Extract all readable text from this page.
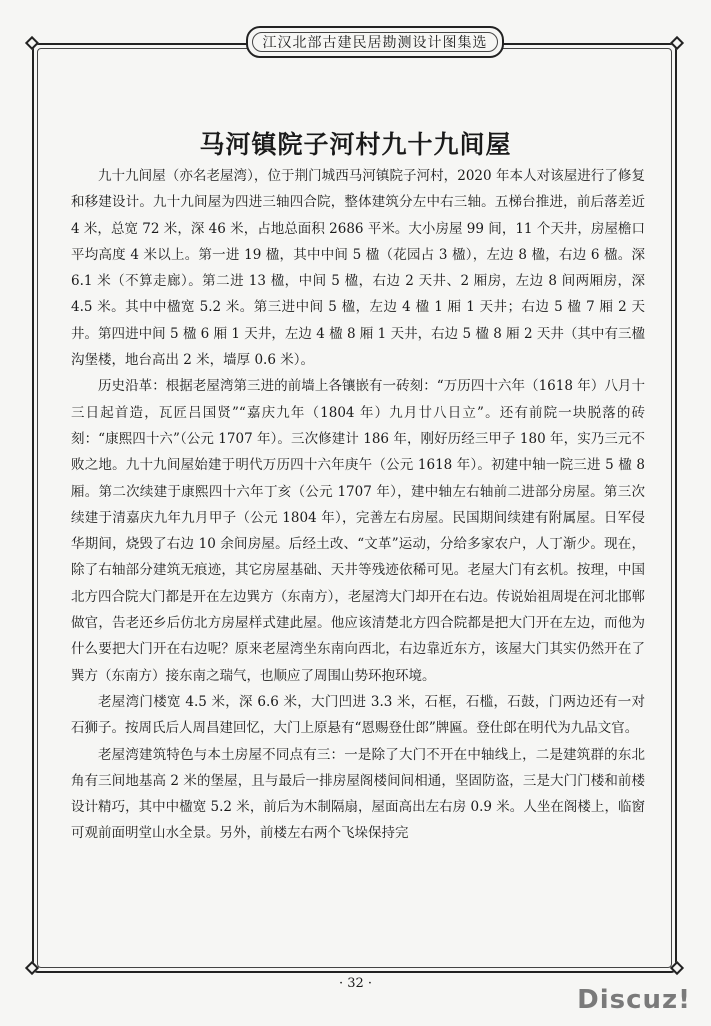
江汉北部古建民居勘测设计图集选
马河镇院子河村九十九间屋

九十九间屋（亦名老屋湾），位于荆门城西马河镇院子河村，2020 年本人对该屋进行了修复和移建设计。九十九间屋为四进三轴四合院，整体建筑分左中右三轴。五梯台推进，前后落差近 4 米，总宽 72 米，深 46 米，占地总面积 2686 平米。大小房屋 99 间，11 个天井，房屋檐口平均高度 4 米以上。第一进 19 楹，其中中间 5 楹（花园占 3 楹），左边 8 楹，右边 6 楹。深 6.1 米（不算走廊）。第二进 13 楹，中间 5 楹，右边 2 天井、2 厢房，左边 8 间两厢房，深 4.5 米。其中中楹宽 5.2 米。第三进中间 5 楹，左边 4 楹 1 厢 1 天井；右边 5 楹 7 厢 2 天井。第四进中间 5 楹 6 厢 1 天井，左边 4 楹 8 厢 1 天井，右边 5 楹 8 厢 2 天井（其中有三楹沟堡楼，地台高出 2 米，墙厚 0.6 米）。

历史沿革：根据老屋湾第三进的前墙上各镶嵌有一砖刻：“万历四十六年（1618 年）八月十三日起首造，瓦匠吕国贤”“嘉庆九年（1804 年）九月廿八日立”。还有前院一块脱落的砖刻：“康熙四十六”（公元 1707 年）。三次修建计 186 年，刚好历经三甲子 180 年，实乃三元不败之地。九十九间屋始建于明代万历四十六年庚午（公元 1618 年）。初建中轴一院三进 5 楹 8 厢。第二次续建于康熙四十六年丁亥（公元 1707 年），建中轴左右轴前二进部分房屋。第三次续建于清嘉庆九年九月甲子（公元 1804 年），完善左右房屋。民国期间续建有附属屋。日军侵华期间，烧毁了右边 10 余间房屋。后经土改、“文革”运动，分给多家农户，人丁渐少。现在，除了右轴部分建筑无痕迹，其它房屋基础、天井等残迹依稀可见。老屋大门有玄机。按理，中国北方四合院大门都是开在左边巽方（东南方），老屋湾大门却开在右边。传说始祖周堤在河北邯郸做官，告老还乡后仿北方房屋样式建此屋。他应该清楚北方四合院都是把大门开在左边，而他为什么要把大门开在右边呢？原来老屋湾坐东南向西北，右边靠近东方，该屋大门其实仍然开在了巽方（东南方）接东南之瑞气，也顺应了周围山势环抱环境。

老屋湾门楼宽 4.5 米，深 6.6 米，大门凹进 3.3 米，石框，石槛，石鼓，门两边还有一对石狮子。按周氏后人周昌建回忆，大门上原悬有“恩赐登仕郎”牌匾。登仕郎在明代为九品文官。

老屋湾建筑特色与本土房屋不同点有三：一是除了大门不开在中轴线上，二是建筑群的东北角有三间地基高 2 米的堡屋，且与最后一排房屋阁楼间间相通，坚固防盗，三是大门门楼和前楼设计精巧，其中中楹宽 5.2 米，前后为木制隔扇，屋面高出左右房 0.9 米。人坐在阁楼上，临窗可观前面明堂山水全景。另外，前楼左右两个飞垛保持完

· 32 ·
Discuz!
